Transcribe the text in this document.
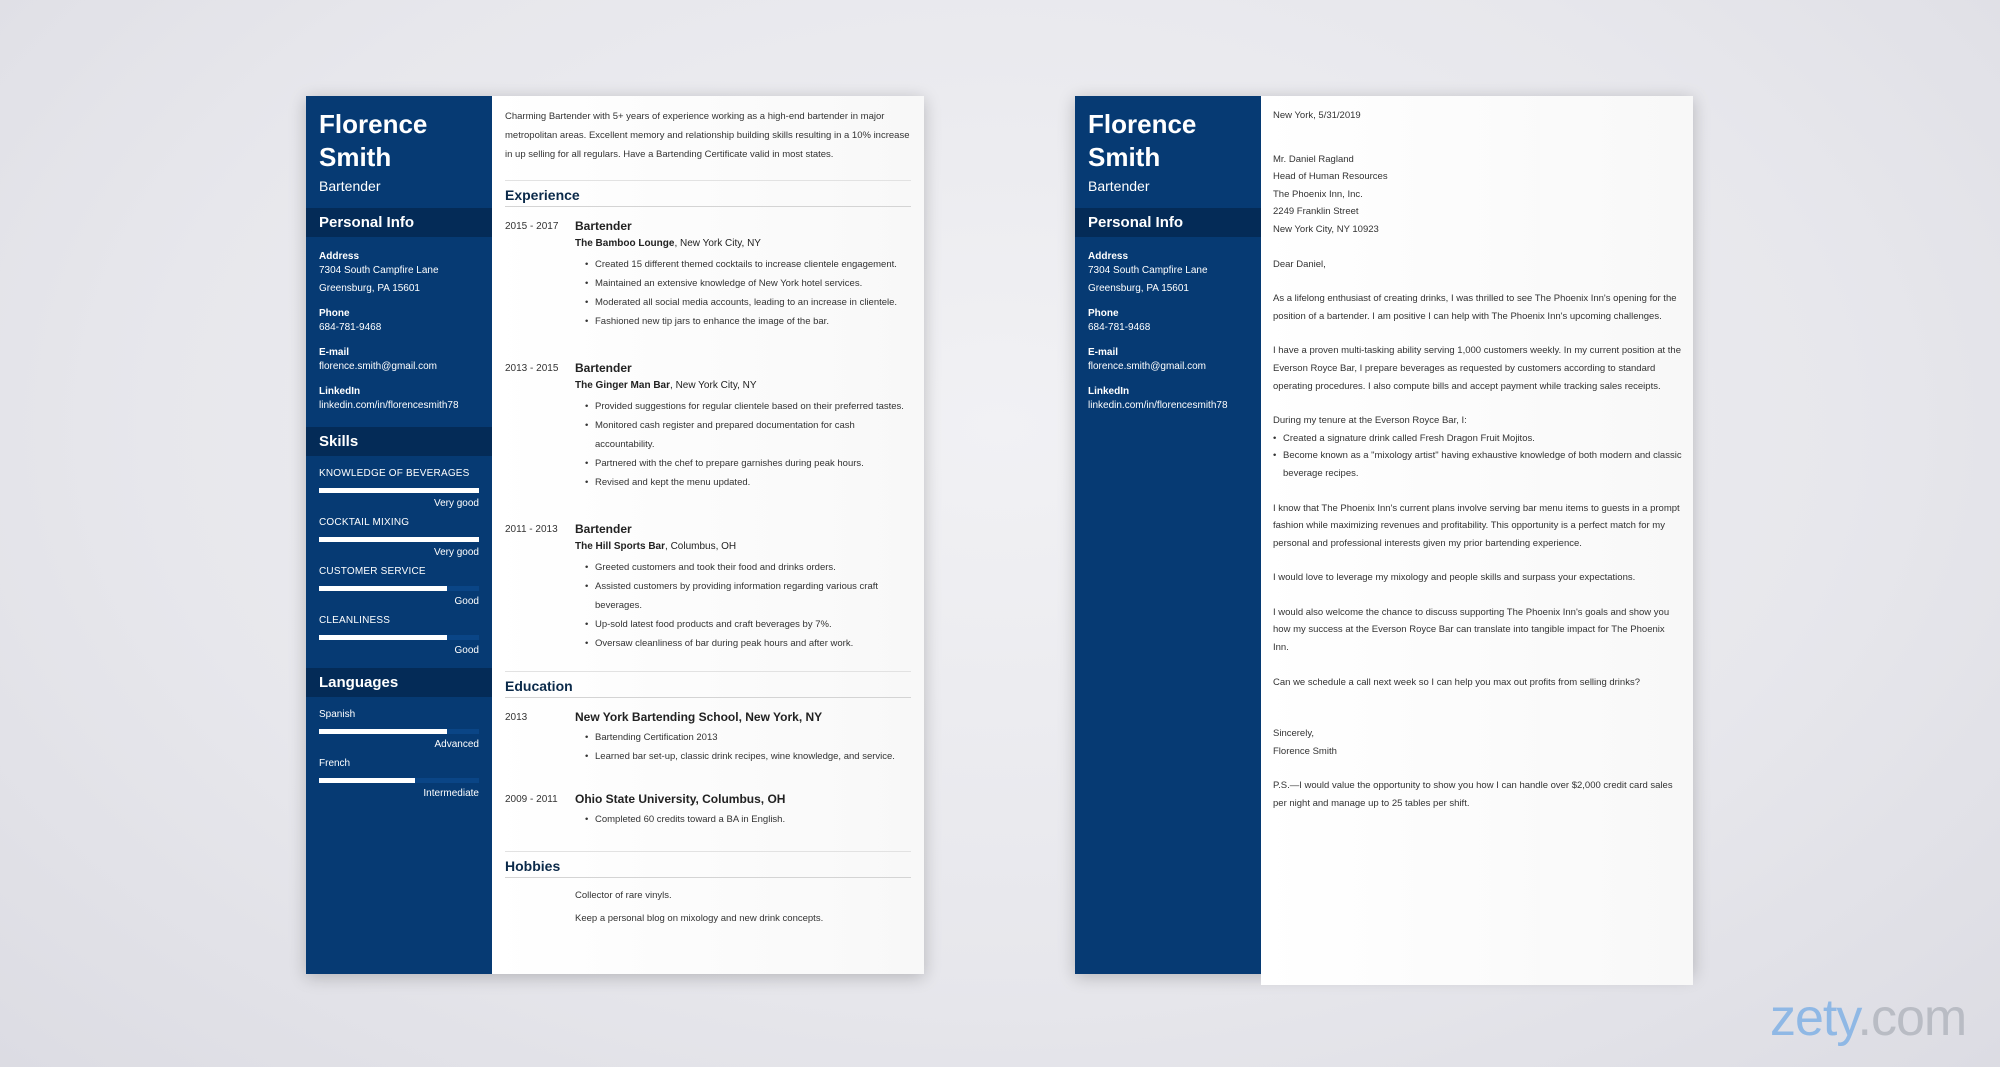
Florence Smith
Bartender
Personal Info
Address
7304 South Campfire Lane
Greensburg, PA 15601
Phone
684-781-9468
E-mail
florence.smith@gmail.com
LinkedIn
linkedin.com/in/florencesmith78
Skills
KNOWLEDGE OF BEVERAGES
Very good
COCKTAIL MIXING
Very good
CUSTOMER SERVICE
Good
CLEANLINESS
Good
Languages
Spanish
Advanced
French
Intermediate
Charming Bartender with 5+ years of experience working as a high-end bartender in major metropolitan areas. Excellent memory and relationship building skills resulting in a 10% increase in up selling for all regulars. Have a Bartending Certificate valid in most states.
Experience
2015 - 2017	Bartender
The Bamboo Lounge, New York City, NY
• Created 15 different themed cocktails to increase clientele engagement.
• Maintained an extensive knowledge of New York hotel services.
• Moderated all social media accounts, leading to an increase in clientele.
• Fashioned new tip jars to enhance the image of the bar.
2013 - 2015	Bartender
The Ginger Man Bar, New York City, NY
• Provided suggestions for regular clientele based on their preferred tastes.
• Monitored cash register and prepared documentation for cash accountability.
• Partnered with the chef to prepare garnishes during peak hours.
• Revised and kept the menu updated.
2011 - 2013	Bartender
The Hill Sports Bar, Columbus, OH
• Greeted customers and took their food and drinks orders.
• Assisted customers by providing information regarding various craft beverages.
• Up-sold latest food products and craft beverages by 7%.
• Oversaw cleanliness of bar during peak hours and after work.
Education
2013	New York Bartending School, New York, NY
• Bartending Certification 2013
• Learned bar set-up, classic drink recipes, wine knowledge, and service.
2009 - 2011	Ohio State University, Columbus, OH
• Completed 60 credits toward a BA in English.
Hobbies
Collector of rare vinyls.
Keep a personal blog on mixology and new drink concepts.
Florence Smith
Bartender
Personal Info
Address
7304 South Campfire Lane
Greensburg, PA 15601
Phone
684-781-9468
E-mail
florence.smith@gmail.com
LinkedIn
linkedin.com/in/florencesmith78

New York, 5/31/2019

Mr. Daniel Ragland
Head of Human Resources
The Phoenix Inn, Inc.
2249 Franklin Street
New York City, NY 10923

Dear Daniel,

As a lifelong enthusiast of creating drinks, I was thrilled to see The Phoenix Inn's opening for the position of a bartender. I am positive I can help with The Phoenix Inn's upcoming challenges.

I have a proven multi-tasking ability serving 1,000 customers weekly. In my current position at the Everson Royce Bar, I prepare beverages as requested by customers according to standard operating procedures. I also compute bills and accept payment while tracking sales receipts.

During my tenure at the Everson Royce Bar, I:
• Created a signature drink called Fresh Dragon Fruit Mojitos.
• Become known as a "mixology artist" having exhaustive knowledge of both modern and classic beverage recipes.

I know that The Phoenix Inn's current plans involve serving bar menu items to guests in a prompt fashion while maximizing revenues and profitability. This opportunity is a perfect match for my personal and professional interests given my prior bartending experience.

I would love to leverage my mixology and people skills and surpass your expectations.

I would also welcome the chance to discuss supporting The Phoenix Inn's goals and show you how my success at the Everson Royce Bar can translate into tangible impact for The Phoenix Inn.

Can we schedule a call next week so I can help you max out profits from selling drinks?

Sincerely,

Florence Smith

P.S.—I would value the opportunity to show you how I can handle over $2,000 credit card sales per night and manage up to 25 tables per shift.

zety.com
